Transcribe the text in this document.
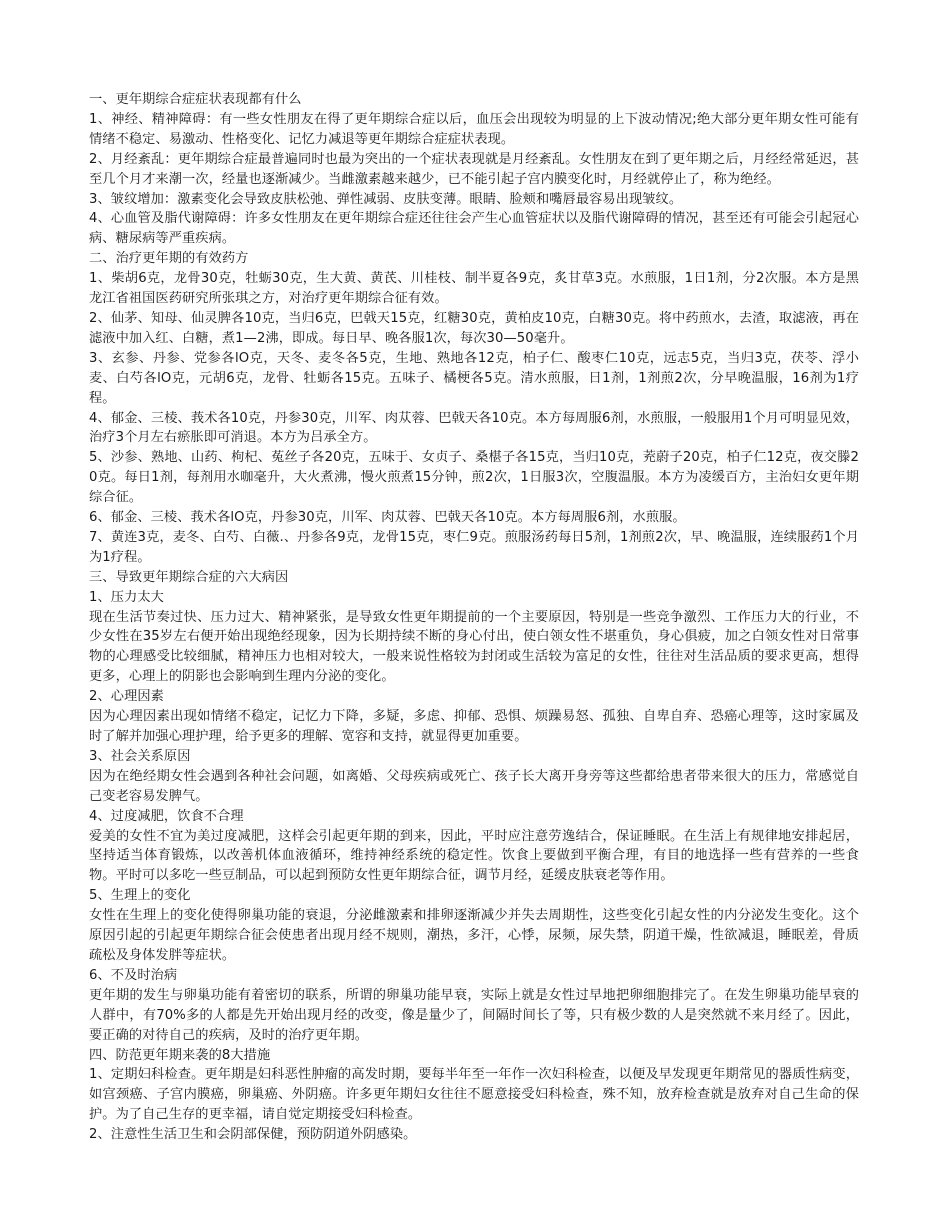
一、更年期综合症症状表现都有什么

1、神经、精神障碍：有一些女性朋友在得了更年期综合症以后，血压会出现较为明显的上下波动情况;绝大部分更年期女性可能有情绪不稳定、易激动、性格变化、记忆力减退等更年期综合症症状表现。

2、月经紊乱：更年期综合症最普遍同时也最为突出的一个症状表现就是月经紊乱。女性朋友在到了更年期之后，月经经常延迟，甚至几个月才来潮一次，经量也逐渐减少。当雌激素越来越少，已不能引起子宫内膜变化时，月经就停止了，称为绝经。

3、皱纹增加：激素变化会导致皮肤松弛、弹性减弱、皮肤变薄。眼睛、脸颊和嘴唇最容易出现皱纹。

4、心血管及脂代谢障碍：许多女性朋友在更年期综合症还往往会产生心血管症状以及脂代谢障碍的情况，甚至还有可能会引起冠心病、糖尿病等严重疾病。

二、治疗更年期的有效药方

1、柴胡6克，龙骨30克，牡蛎30克，生大黄、黄芪、川桂枝、制半夏各9克，炙甘草3克。水煎服，1日1剂，分2次服。本方是黑龙江省祖国医药研究所张琪之方，对治疗更年期综合征有效。

2、仙茅、知母、仙灵脾各10克，当归6克，巴戟天15克，红糖30克，黄柏皮10克，白糖30克。将中药煎水，去渣，取滤液，再在滤液中加入红、白糖，煮1—2沸，即成。每日早、晚各服1次，每次30—50毫升。

3、玄参、丹参、党参各lO克，天冬、麦冬各5克，生地、熟地各12克，柏子仁、酸枣仁10克，远志5克，当归3克，茯苓、浮小麦、白芍各lO克，元胡6克，龙骨、牡蛎各15克。五味子、橘梗各5克。清水煎服，日1剂，1剂煎2次，分早晚温服，16剂为1疗程。

4、郁金、三棱、莪术各10克，丹参30克，川军、肉苁蓉、巴戟天各10克。本方每周服6剂，水煎服，一般服用1个月可明显见效，治疗3个月左右瘀胀即可消退。本方为吕承全方。

5、沙参、熟地、山药、枸杞、菟丝子各20克，五味于、女贞子、桑椹子各15克，当归10克，茺蔚子20克，柏子仁12克，夜交滕20克。每日1剂，每剂用水咖毫升，大火煮沸，慢火煎煮15分钟，煎2次，1日服3次，空腹温服。本方为凌缓百方，主治妇女更年期综合征。

6、郁金、三棱、莪术各lO克，丹参30克，川军、肉苁蓉、巴戟天各10克。本方每周服6剂，水煎服。

7、黄连3克，麦冬、白芍、白薇.、丹参各9克，龙骨15克，枣仁9克。煎服汤药每日5剂，1剂煎2次，早、晚温服，连续服药1个月为1疗程。

三、导致更年期综合症的六大病因

1、压力太大

现在生活节奏过快、压力过大、精神紧张，是导致女性更年期提前的一个主要原因，特别是一些竞争激烈、工作压力大的行业，不少女性在35岁左右便开始出现绝经现象，因为长期持续不断的身心付出，使白领女性不堪重负，身心俱疲，加之白领女性对日常事物的心理感受比较细腻，精神压力也相对较大，一般来说性格较为封闭或生活较为富足的女性，往往对生活品质的要求更高，想得更多，心理上的阴影也会影响到生理内分泌的变化。

2、心理因素

因为心理因素出现如情绪不稳定，记忆力下降，多疑，多虑、抑郁、恐惧、烦躁易怒、孤独、自卑自弃、恐癌心理等，这时家属及时了解并加强心理护理，给予更多的理解、宽容和支持，就显得更加重要。

3、社会关系原因

因为在绝经期女性会遇到各种社会问题，如离婚、父母疾病或死亡、孩子长大离开身旁等这些都给患者带来很大的压力，常感觉自己变老容易发脾气。

4、过度减肥，饮食不合理

爱美的女性不宜为美过度减肥，这样会引起更年期的到来，因此，平时应注意劳逸结合，保证睡眠。在生活上有规律地安排起居，坚持适当体育锻炼，以改善机体血液循环，维持神经系统的稳定性。饮食上要做到平衡合理，有目的地选择一些有营养的一些食物。平时可以多吃一些豆制品，可以起到预防女性更年期综合征，调节月经，延缓皮肤衰老等作用。

5、生理上的变化

女性在生理上的变化使得卵巢功能的衰退，分泌雌激素和排卵逐渐减少并失去周期性，这些变化引起女性的内分泌发生变化。这个原因引起的引起更年期综合征会使患者出现月经不规则，潮热，多汗，心悸，尿频，尿失禁，阴道干燥，性欲减退，睡眠差，骨质疏松及身体发胖等症状。

6、不及时治病

更年期的发生与卵巢功能有着密切的联系，所谓的卵巢功能早衰，实际上就是女性过早地把卵细胞排完了。在发生卵巢功能早衰的人群中，有70%多的人都是先开始出现月经的改变，像是量少了，间隔时间长了等，只有极少数的人是突然就不来月经了。因此，要正确的对待自己的疾病，及时的治疗更年期。

四、防范更年期来袭的8大措施

1、定期妇科检查。更年期是妇科恶性肿瘤的高发时期，要每半年至一年作一次妇科检查，以便及早发现更年期常见的器质性病变，如宫颈癌、子宫内膜癌，卵巢癌、外阴癌。许多更年期妇女往往不愿意接受妇科检查，殊不知，放弃检查就是放弃对自己生命的保护。为了自己生存的更幸福，请自觉定期接受妇科检查。

2、注意性生活卫生和会阴部保健，预防阴道外阴感染。
